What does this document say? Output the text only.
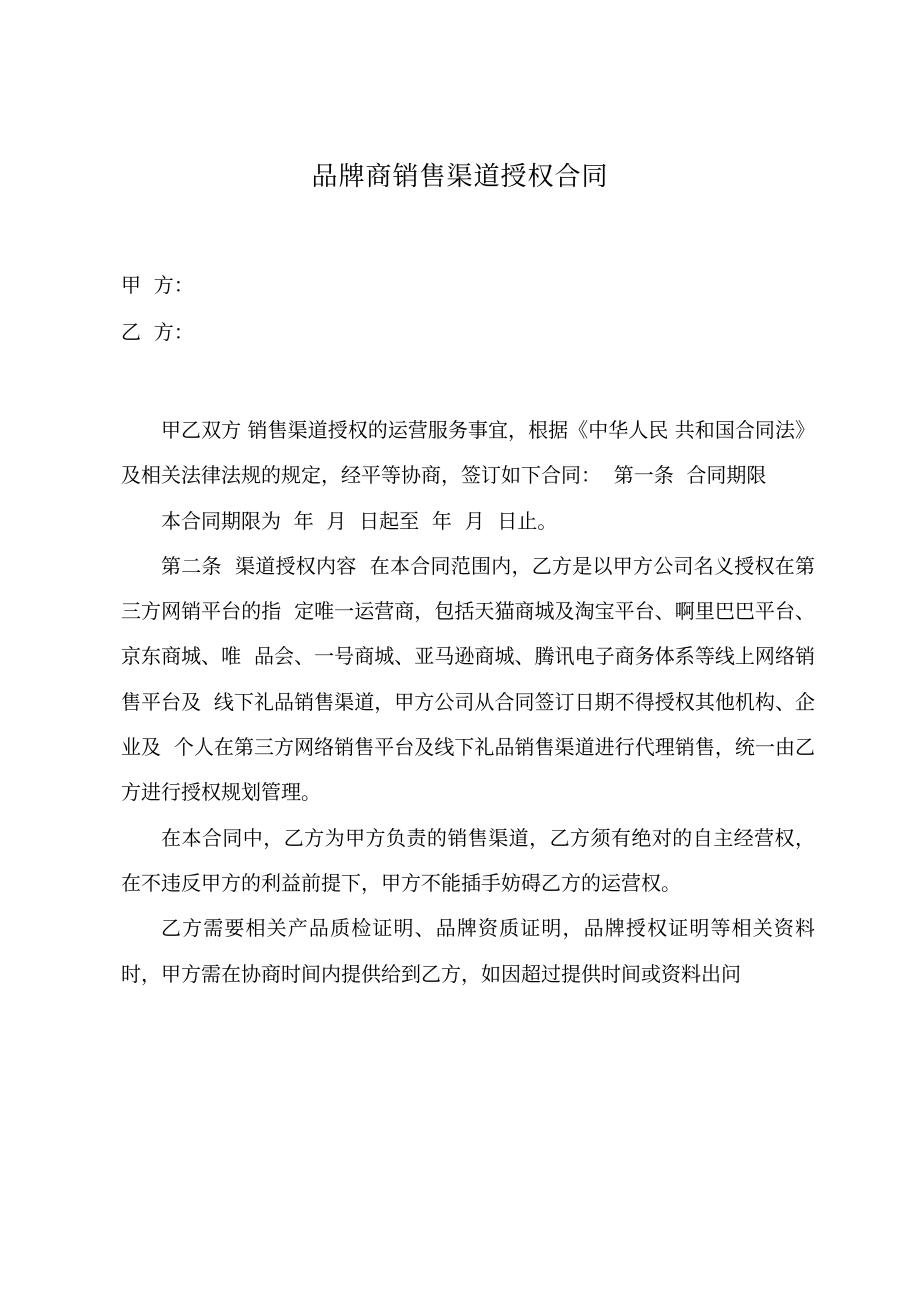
品牌商销售渠道授权合同
甲  方：
乙  方：

甲乙双方 销售渠道授权的运营服务事宜，根据《中华人民 共和国合同法》及相关法律法规的规定，经平等协商，签订如下合同：  第一条  合同期限

本合同期限为  年  月  日起至  年  月  日止。

第二条  渠道授权内容  在本合同范围内，乙方是以甲方公司名义授权在第三方网销平台的指  定唯一运营商，包括天猫商城及淘宝平台、啊里巴巴平台、京东商城、唯  品会、一号商城、亚马逊商城、腾讯电子商务体系等线上网络销售平台及  线下礼品销售渠道，甲方公司从合同签订日期不得授权其他机构、企业及  个人在第三方网络销售平台及线下礼品销售渠道进行代理销售，统一由乙  方进行授权规划管理。

在本合同中，乙方为甲方负责的销售渠道，乙方须有绝对的自主经营权，在不违反甲方的利益前提下，甲方不能插手妨碍乙方的运营权。

乙方需要相关产品质检证明、品牌资质证明，品牌授权证明等相关资料时，甲方需在协商时间内提供给到乙方，如因超过提供时间或资料出问
